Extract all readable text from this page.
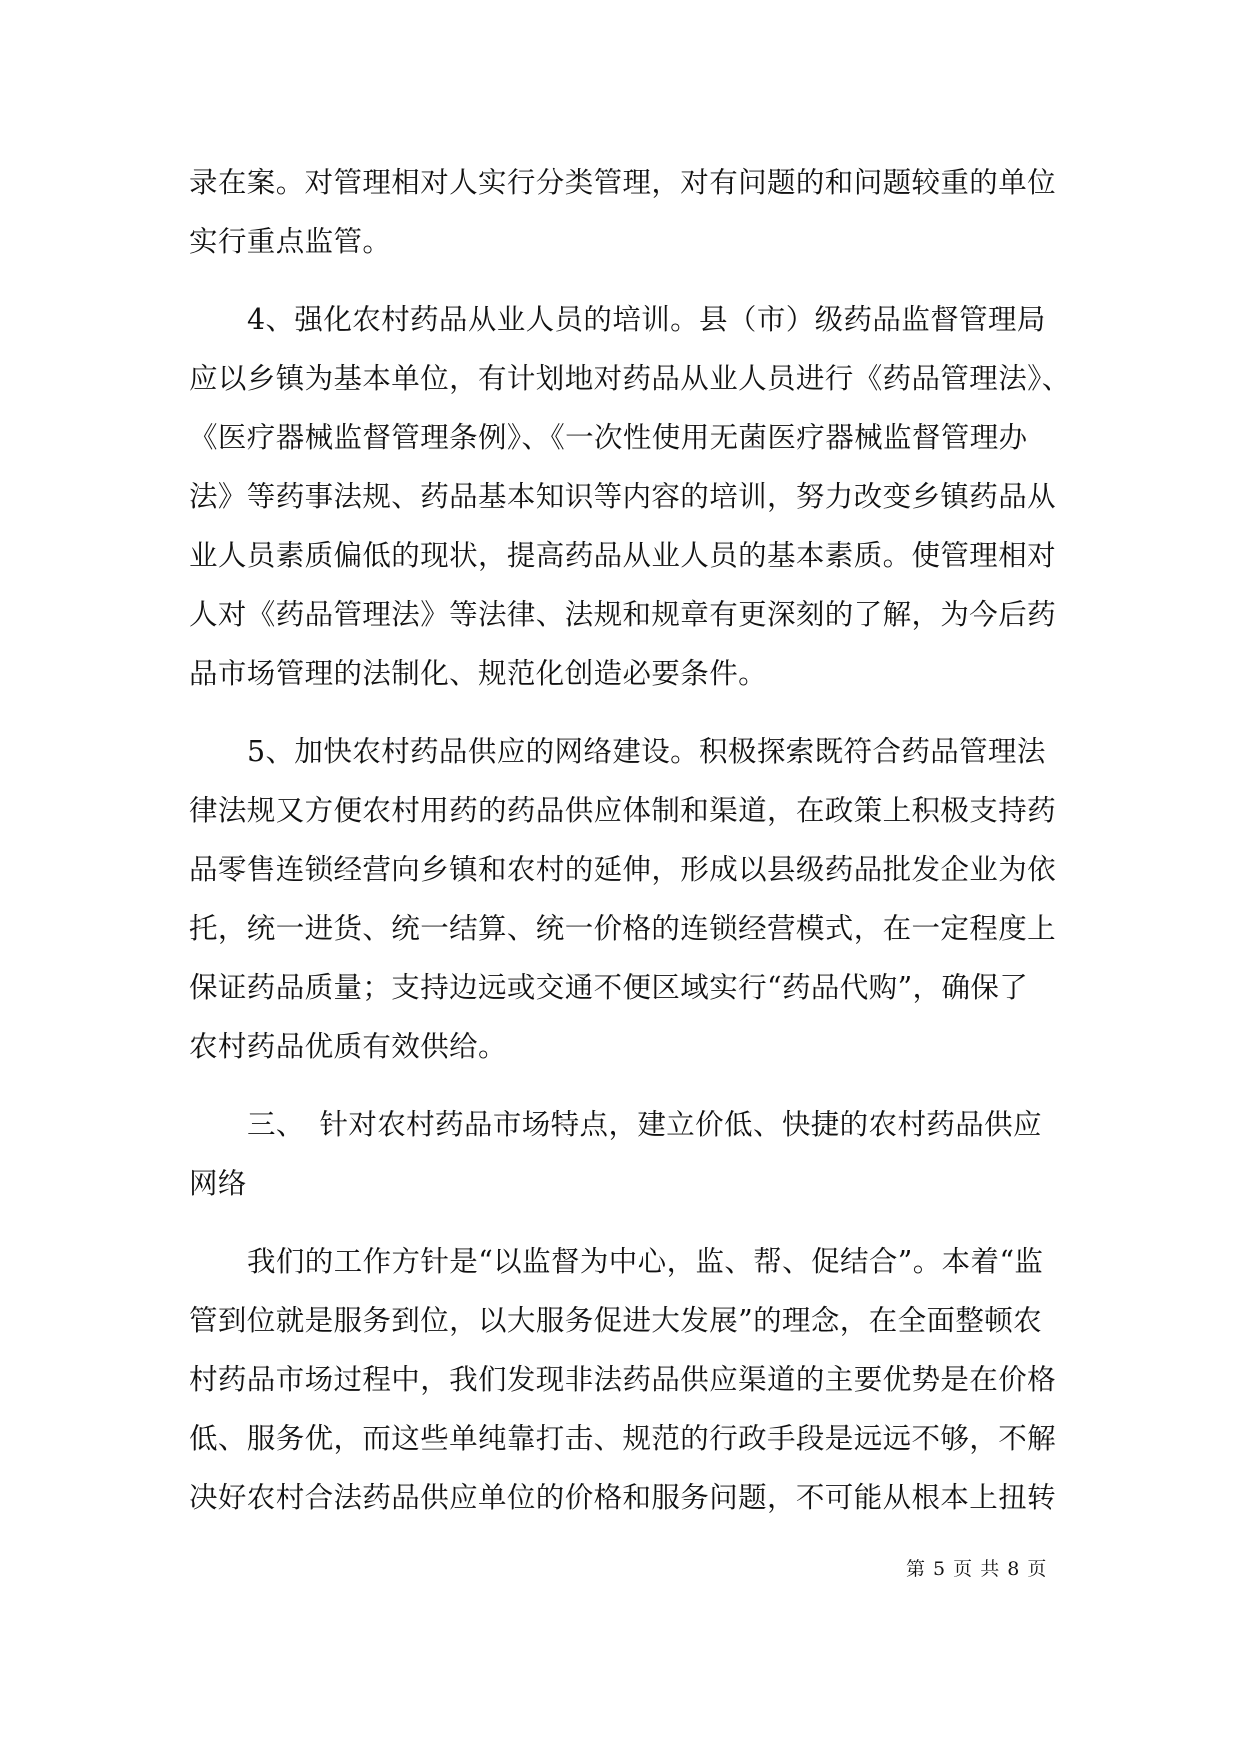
录在案。对管理相对人实行分类管理，对有问题的和问题较重的单位
实行重点监管。
4、强化农村药品从业人员的培训。县（市）级药品监督管理局
应以乡镇为基本单位，有计划地对药品从业人员进行《药品管理法》、
《医疗器械监督管理条例》、《一次性使用无菌医疗器械监督管理办
法》等药事法规、药品基本知识等内容的培训，努力改变乡镇药品从
业人员素质偏低的现状，提高药品从业人员的基本素质。使管理相对
人对《药品管理法》等法律、法规和规章有更深刻的了解，为今后药
品市场管理的法制化、规范化创造必要条件。
5、加快农村药品供应的网络建设。积极探索既符合药品管理法
律法规又方便农村用药的药品供应体制和渠道，在政策上积极支持药
品零售连锁经营向乡镇和农村的延伸，形成以县级药品批发企业为依
托，统一进货、统一结算、统一价格的连锁经营模式，在一定程度上
保证药品质量；支持边远或交通不便区域实行“药品代购”，确保了
农村药品优质有效供给。
三、　针对农村药品市场特点，建立价低、快捷的农村药品供应
网络
我们的工作方针是“以监督为中心，监、帮、促结合”。本着“监
管到位就是服务到位，以大服务促进大发展”的理念，在全面整顿农
村药品市场过程中，我们发现非法药品供应渠道的主要优势是在价格
低、服务优，而这些单纯靠打击、规范的行政手段是远远不够，不解
决好农村合法药品供应单位的价格和服务问题，不可能从根本上扭转
第 5 页 共 8 页
